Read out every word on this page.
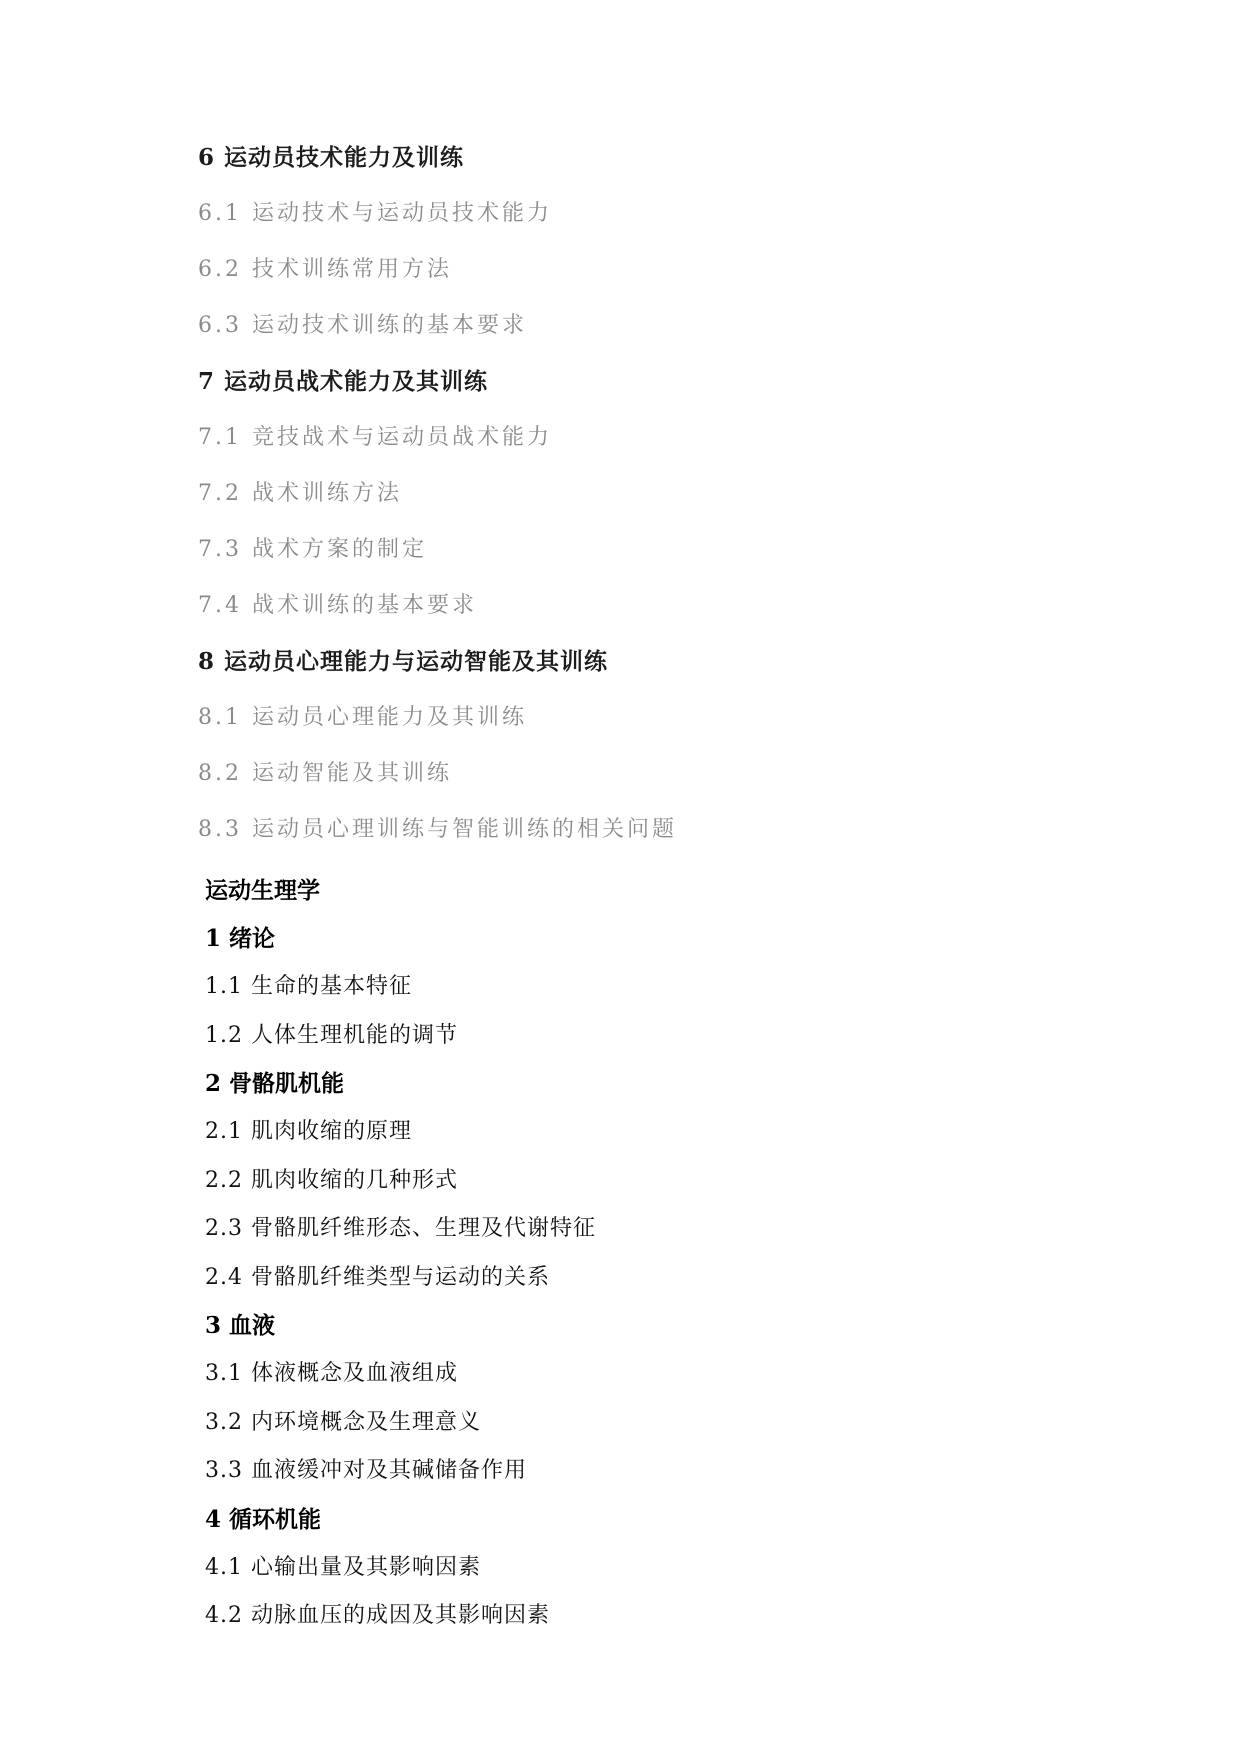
6 运动员技术能力及训练
6.1 运动技术与运动员技术能力
6.2 技术训练常用方法
6.3 运动技术训练的基本要求
7 运动员战术能力及其训练
7.1 竞技战术与运动员战术能力
7.2 战术训练方法
7.3 战术方案的制定
7.4 战术训练的基本要求
8 运动员心理能力与运动智能及其训练
8.1 运动员心理能力及其训练
8.2 运动智能及其训练
8.3 运动员心理训练与智能训练的相关问题
运动生理学
1 绪论
1.1 生命的基本特征
1.2 人体生理机能的调节
2 骨骼肌机能
2.1 肌肉收缩的原理
2.2 肌肉收缩的几种形式
2.3 骨骼肌纤维形态、生理及代谢特征
2.4 骨骼肌纤维类型与运动的关系
3 血液
3.1 体液概念及血液组成
3.2 内环境概念及生理意义
3.3 血液缓冲对及其碱储备作用
4 循环机能
4.1 心输出量及其影响因素
4.2 动脉血压的成因及其影响因素
